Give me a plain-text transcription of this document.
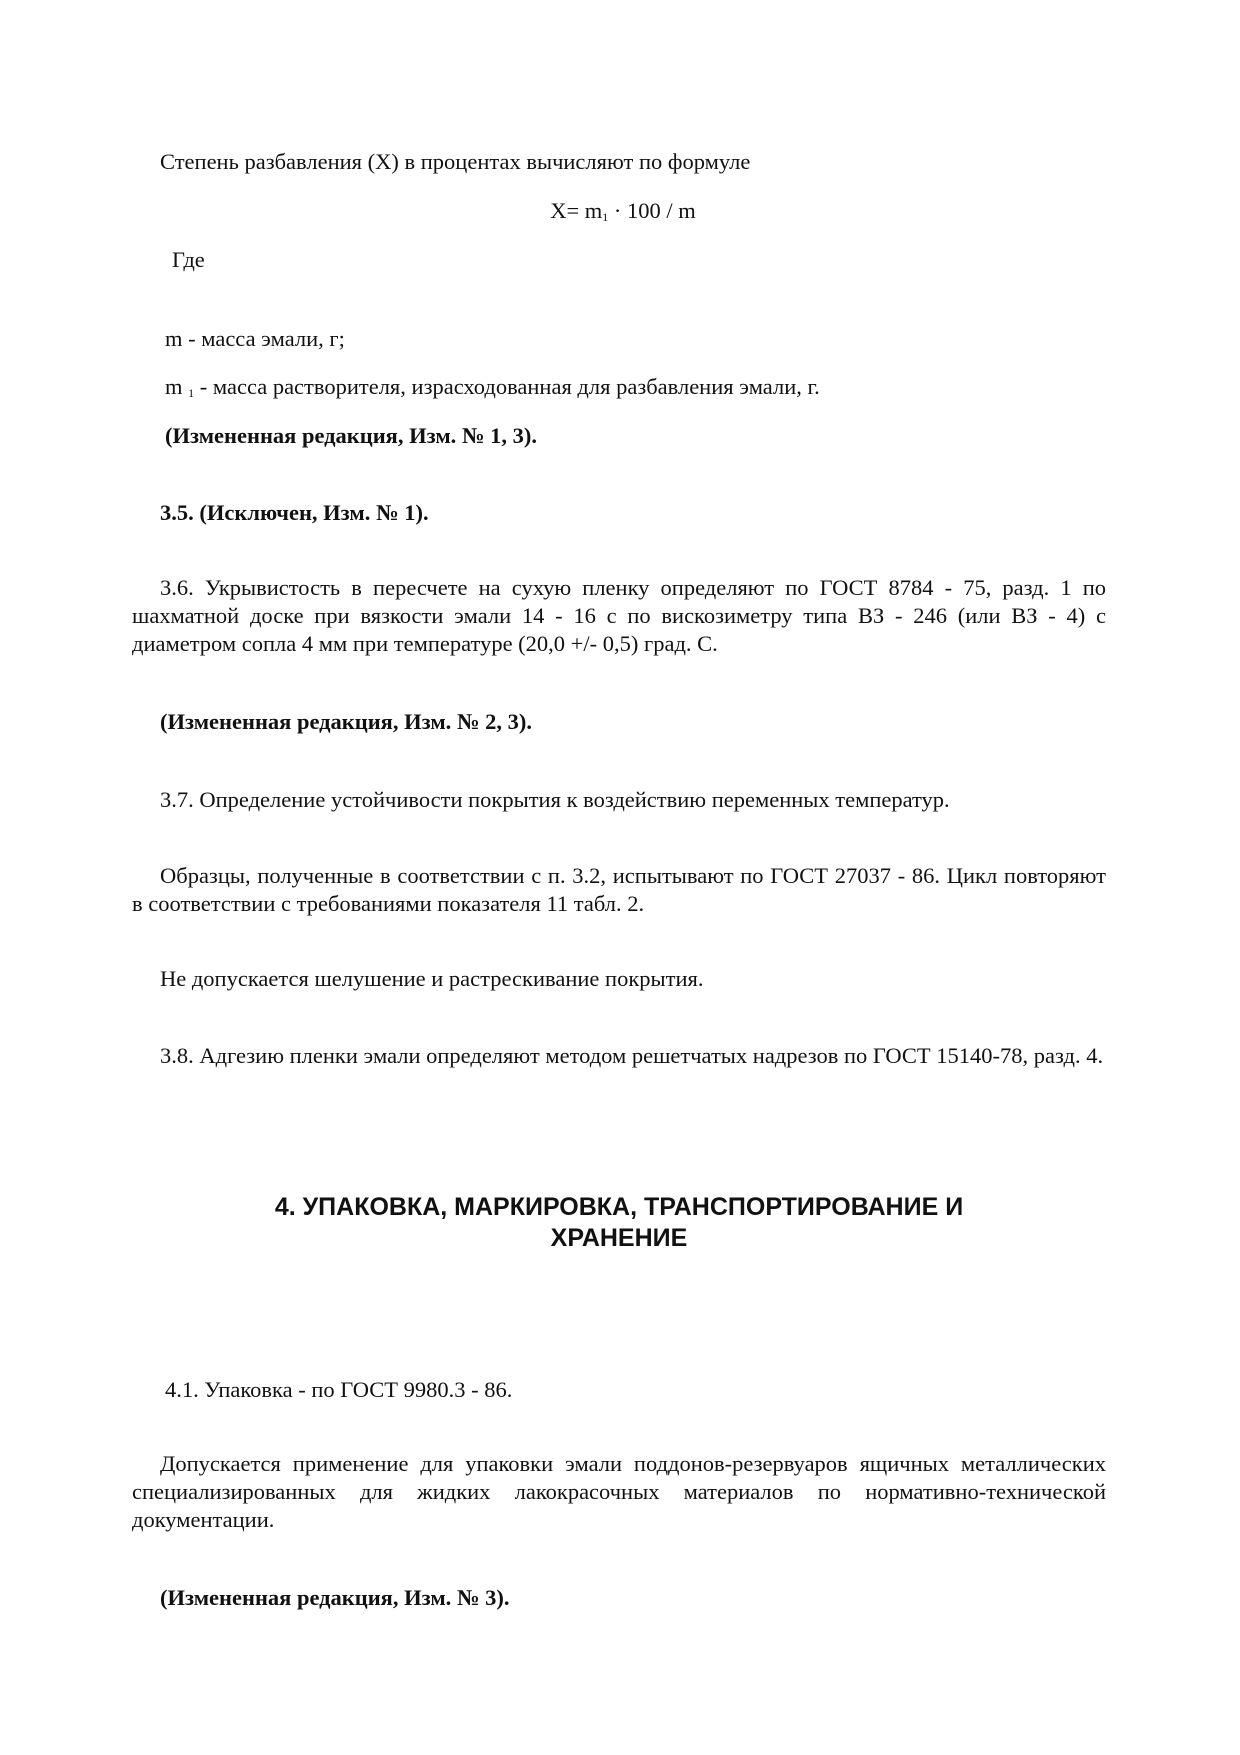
Степень разбавления (X) в процентах вычисляют по формуле
$X= m_1 \cdot 100 / m$
Где
m - масса эмали, г;
m $_1$ - масса растворителя, израсходованная для разбавления эмали, г.
(Измененная редакция, Изм. № 1, 3).
3.5. (Исключен, Изм. № 1).
3.6. Укрывистость в пересчете на сухую пленку определяют по ГОСТ 8784 - 75, разд. 1 по шахматной доске при вязкости эмали 14 - 16 с по вискозиметру типа ВЗ - 246 (или ВЗ - 4) с диаметром сопла 4 мм при температуре (20,0 +/- 0,5) град. С.
(Измененная редакция, Изм. № 2, 3).
3.7. Определение устойчивости покрытия к воздействию переменных температур.
Образцы, полученные в соответствии с п. 3.2, испытывают по ГОСТ 27037 - 86. Цикл повторяют в соответствии с требованиями показателя 11 табл. 2.
Не допускается шелушение и растрескивание покрытия.
3.8. Адгезию пленки эмали определяют методом решетчатых надрезов по ГОСТ 15140-78, разд. 4.
4. УПАКОВКА, МАРКИРОВКА, ТРАНСПОРТИРОВАНИЕ И
ХРАНЕНИЕ
4.1. Упаковка - по ГОСТ 9980.3 - 86.
Допускается применение для упаковки эмали поддонов-резервуаров ящичных металлических специализированных для жидких лакокрасочных материалов по нормативно-технической документации.
(Измененная редакция, Изм. № 3).
